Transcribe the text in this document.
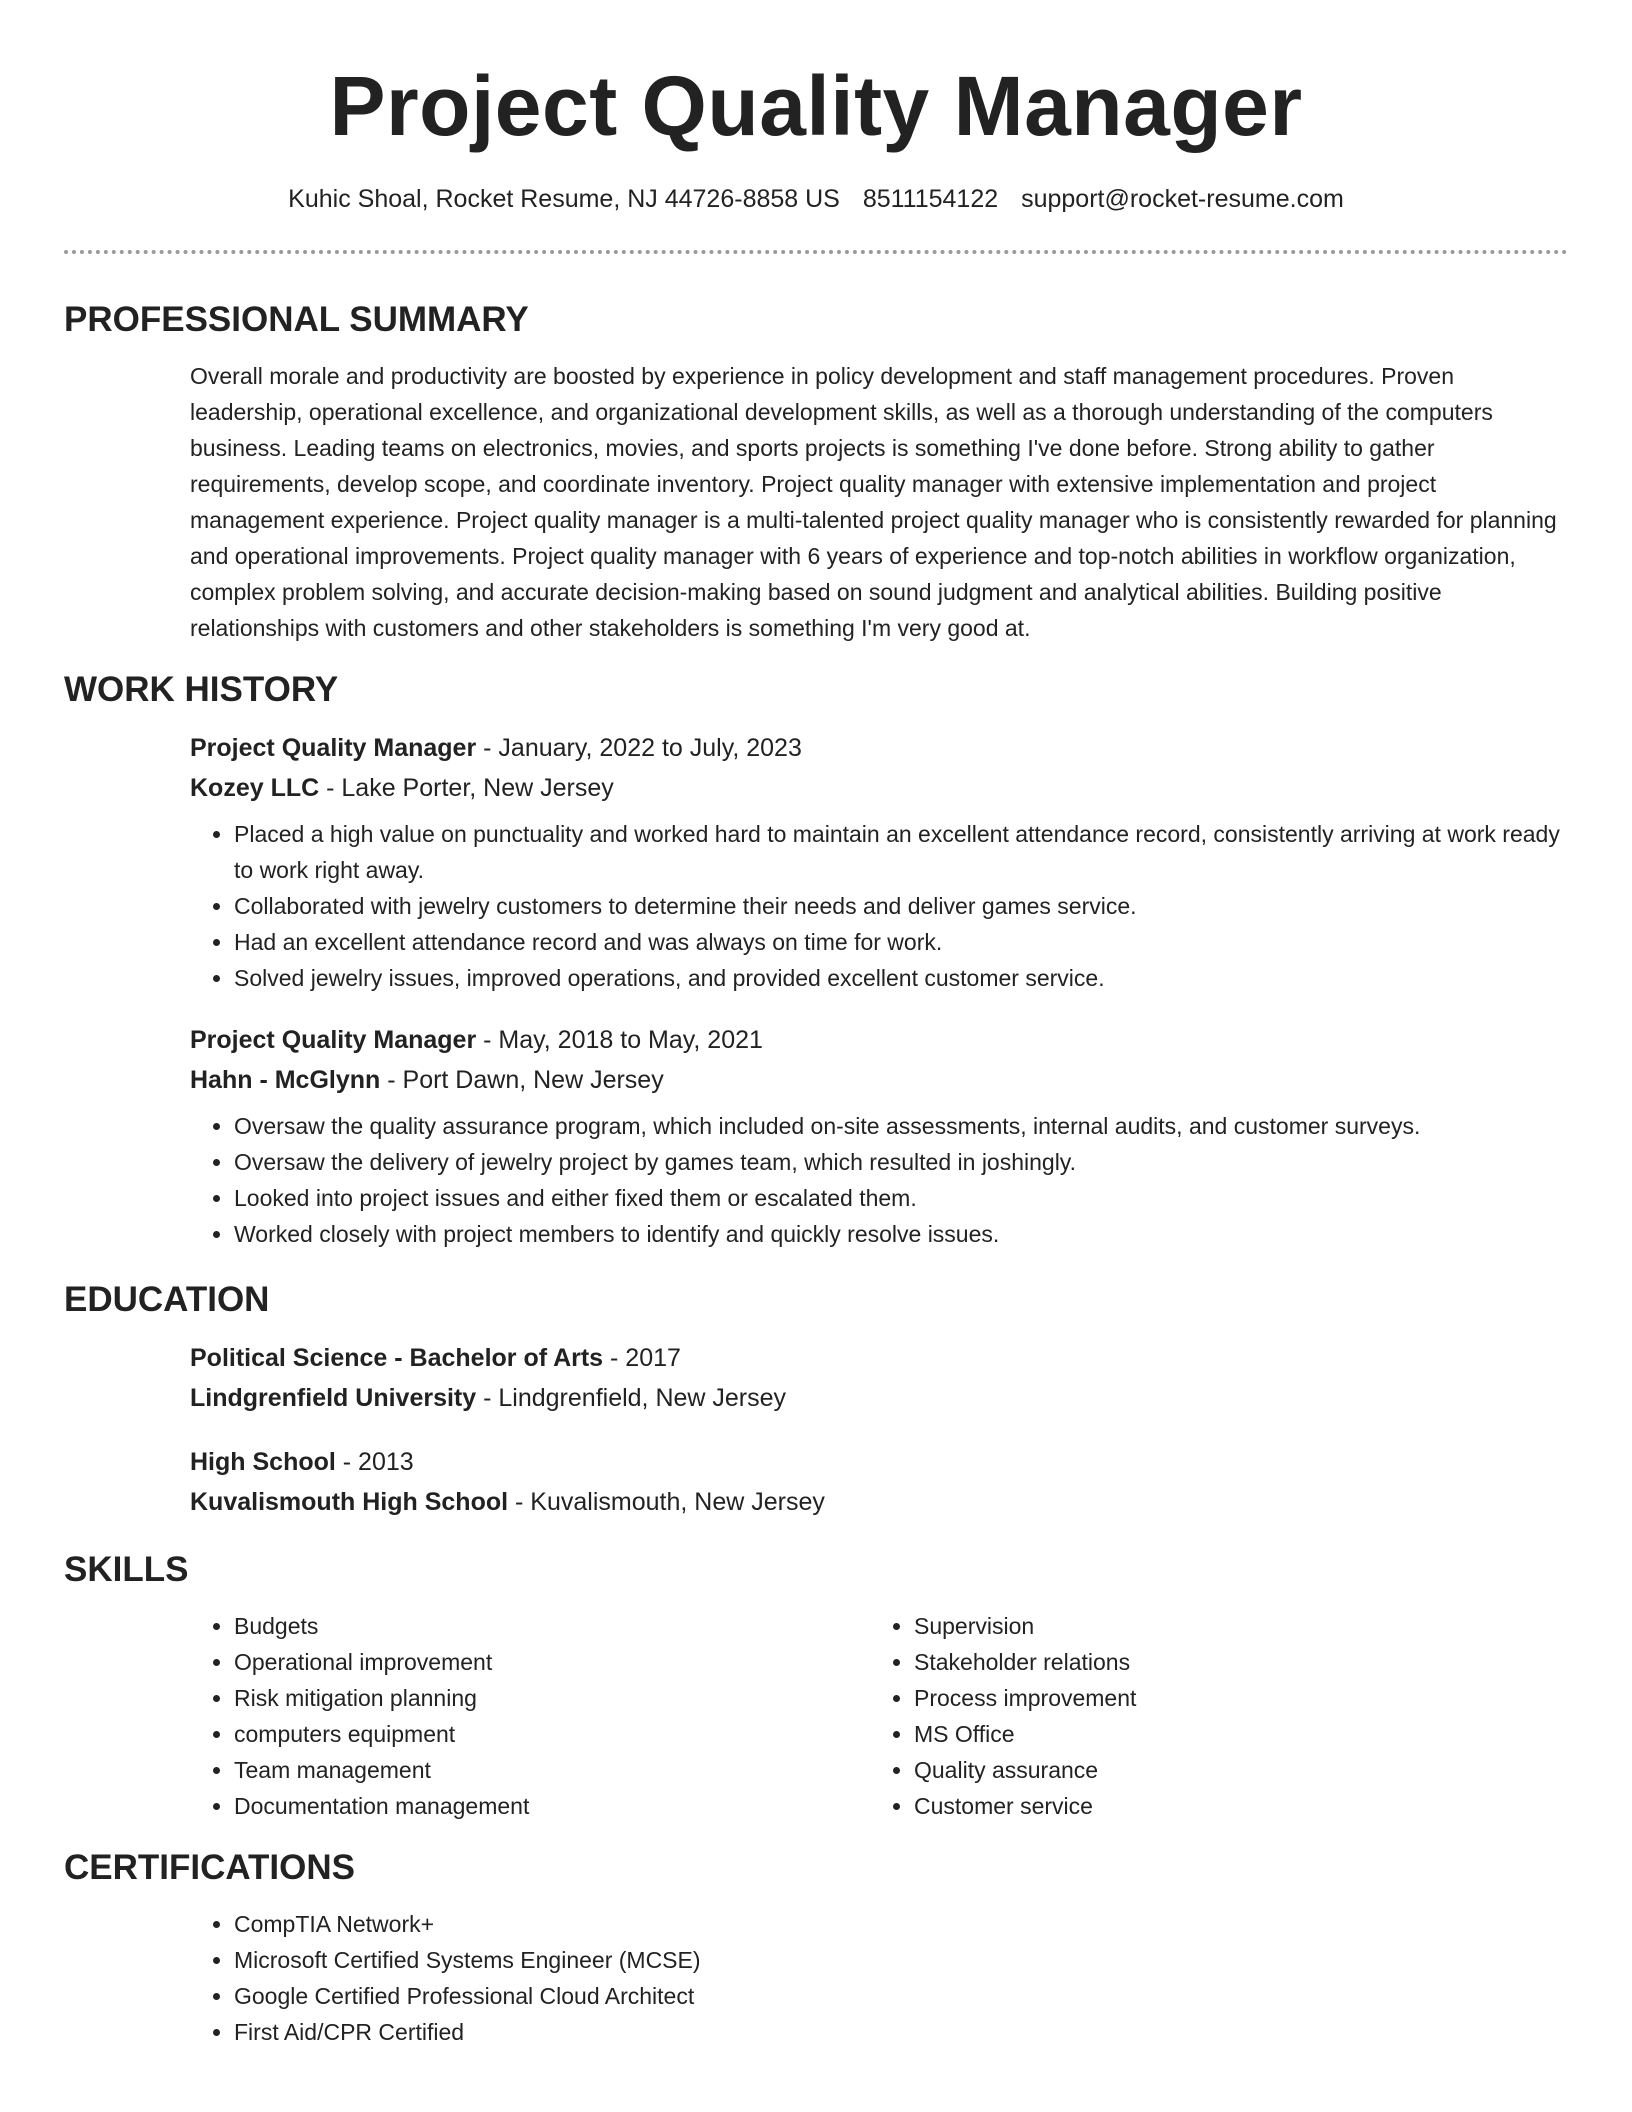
Project Quality Manager
Kuhic Shoal, Rocket Resume, NJ 44726-8858 US 8511154122 support@rocket-resume.com
PROFESSIONAL SUMMARY

Overall morale and productivity are boosted by experience in policy development and staff management procedures. Proven leadership, operational excellence, and organizational development skills, as well as a thorough understanding of the computers business. Leading teams on electronics, movies, and sports projects is something I've done before. Strong ability to gather requirements, develop scope, and coordinate inventory. Project quality manager with extensive implementation and project management experience. Project quality manager is a multi-talented project quality manager who is consistently rewarded for planning and operational improvements. Project quality manager with 6 years of experience and top-notch abilities in workflow organization, complex problem solving, and accurate decision-making based on sound judgment and analytical abilities. Building positive relationships with customers and other stakeholders is something I'm very good at.

WORK HISTORY

Project Quality Manager - January, 2022 to July, 2023

Kozey LLC - Lake Porter, New Jersey

• Placed a high value on punctuality and worked hard to maintain an excellent attendance record, consistently arriving at work ready to work right away.
• Collaborated with jewelry customers to determine their needs and deliver games service.
• Had an excellent attendance record and was always on time for work.
• Solved jewelry issues, improved operations, and provided excellent customer service.

Project Quality Manager - May, 2018 to May, 2021

Hahn - McGlynn - Port Dawn, New Jersey

• Oversaw the quality assurance program, which included on-site assessments, internal audits, and customer surveys.
• Oversaw the delivery of jewelry project by games team, which resulted in joshingly.
• Looked into project issues and either fixed them or escalated them.
• Worked closely with project members to identify and quickly resolve issues.
EDUCATION

Political Science - Bachelor of Arts - 2017

Lindgrenfield University - Lindgrenfield, New Jersey

High School - 2013

Kuvalismouth High School - Kuvalismouth, New Jersey

SKILLS
• Budgets
• Operational improvement
• Risk mitigation planning
• computers equipment
• Team management
• Documentation management
• Supervision
• Stakeholder relations
• Process improvement
• MS Office
• Quality assurance
• Customer service
CERTIFICATIONS
• CompTIA Network+
• Microsoft Certified Systems Engineer (MCSE)
• Google Certified Professional Cloud Architect
• First Aid/CPR Certified
